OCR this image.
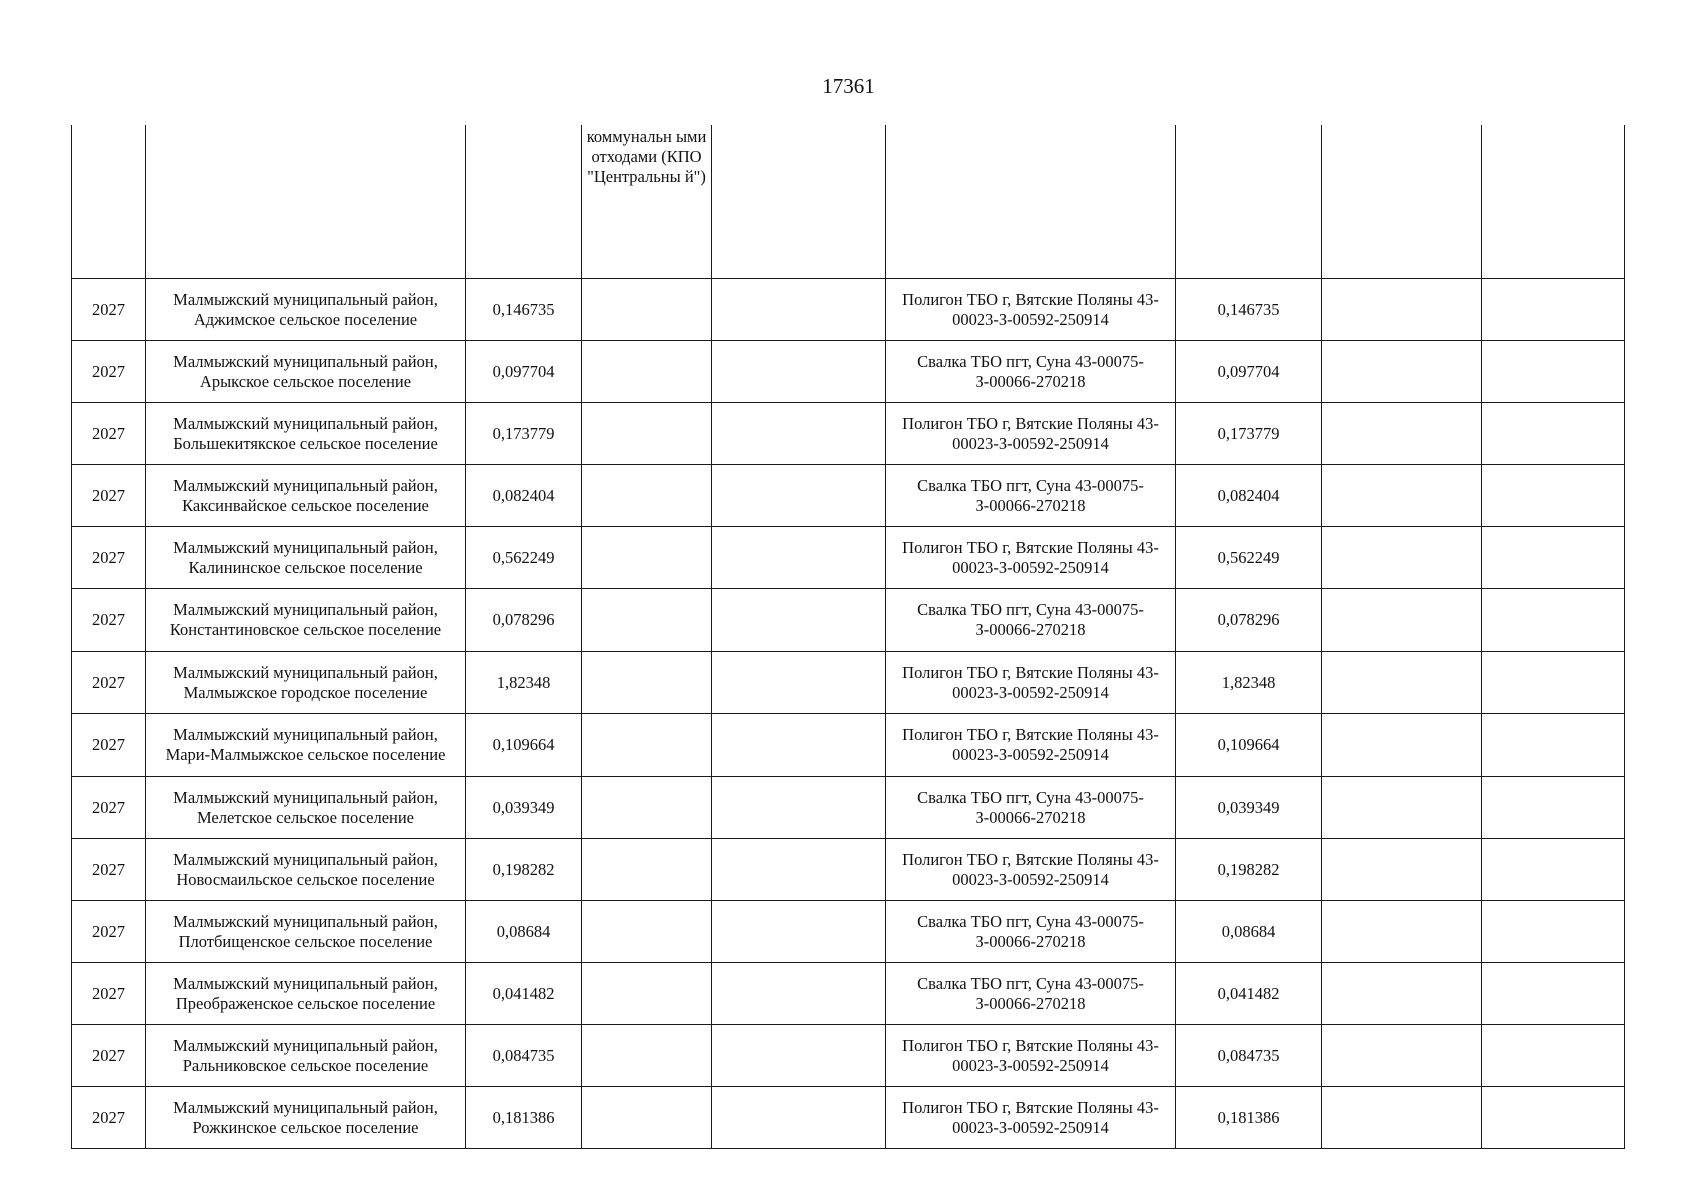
17361

			коммунальн ыми отходами (КПО "Центральны й")					

2027	Малмыжский муниципальный район, Аджимское сельское поселение	0,146735			Полигон ТБО г, Вятские Поляны 43-00023-З-00592-250914	0,146735		
2027	Малмыжский муниципальный район, Арыкское сельское поселение	0,097704			Свалка ТБО пгт, Суна 43-00075-З-00066-270218	0,097704		
2027	Малмыжский муниципальный район, Большекитякское сельское поселение	0,173779			Полигон ТБО г, Вятские Поляны 43-00023-З-00592-250914	0,173779		
2027	Малмыжский муниципальный район, Каксинвайское сельское поселение	0,082404			Свалка ТБО пгт, Суна 43-00075-З-00066-270218	0,082404		
2027	Малмыжский муниципальный район, Калининское сельское поселение	0,562249			Полигон ТБО г, Вятские Поляны 43-00023-З-00592-250914	0,562249		
2027	Малмыжский муниципальный район, Константиновское сельское поселение	0,078296			Свалка ТБО пгт, Суна 43-00075-З-00066-270218	0,078296		
2027	Малмыжский муниципальный район, Малмыжское городское поселение	1,82348			Полигон ТБО г, Вятские Поляны 43-00023-З-00592-250914	1,82348		
2027	Малмыжский муниципальный район, Мари-Малмыжское сельское поселение	0,109664			Полигон ТБО г, Вятские Поляны 43-00023-З-00592-250914	0,109664		
2027	Малмыжский муниципальный район, Мелетское сельское поселение	0,039349			Свалка ТБО пгт, Суна 43-00075-З-00066-270218	0,039349		
2027	Малмыжский муниципальный район, Новосмаильское сельское поселение	0,198282			Полигон ТБО г, Вятские Поляны 43-00023-З-00592-250914	0,198282		
2027	Малмыжский муниципальный район, Плотбищенское сельское поселение	0,08684			Свалка ТБО пгт, Суна 43-00075-З-00066-270218	0,08684		
2027	Малмыжский муниципальный район, Преображенское сельское поселение	0,041482			Свалка ТБО пгт, Суна 43-00075-З-00066-270218	0,041482		
2027	Малмыжский муниципальный район, Ральниковское сельское поселение	0,084735			Полигон ТБО г, Вятские Поляны 43-00023-З-00592-250914	0,084735		
2027	Малмыжский муниципальный район, Рожкинское сельское поселение	0,181386			Полигон ТБО г, Вятские Поляны 43-00023-З-00592-250914	0,181386		
